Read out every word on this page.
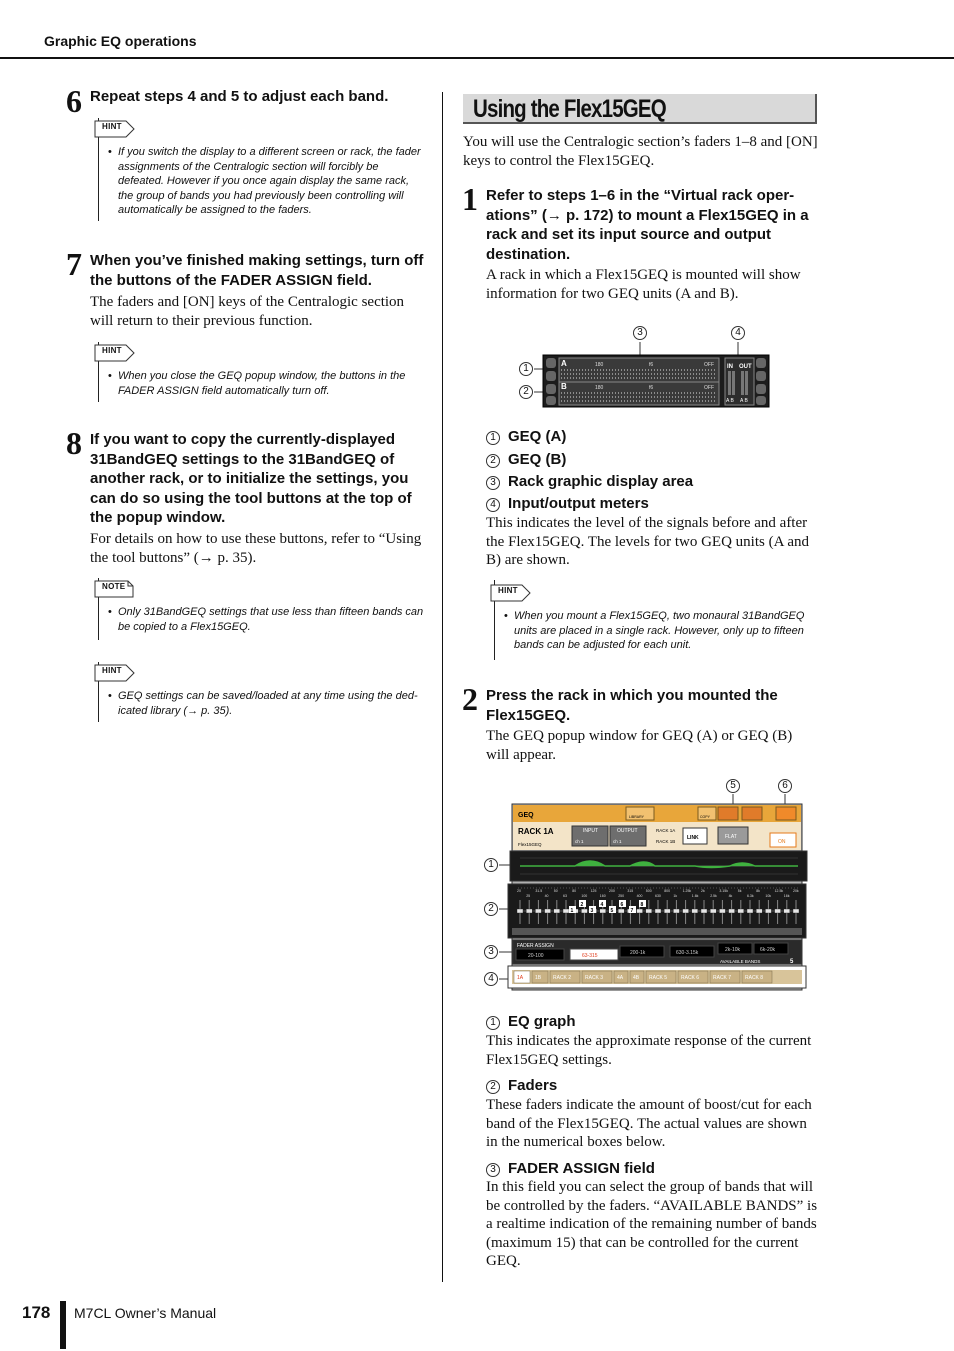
Graphic EQ operations
6 Repeat steps 4 and 5 to adjust each band.
HINT
• If you switch the display to a different screen or rack, the fader assignments of the Centralogic section will forcibly be defeated. However if you once again display the same rack, the group of bands you had previously been controlling will automatically be assigned to the faders.
7 When you’ve finished making settings, turn off the buttons of the FADER ASSIGN field.
The faders and [ON] keys of the Centralogic section will return to their previous function.
HINT
• When you close the GEQ popup window, the buttons in the FADER ASSIGN field automatically turn off.
8 If you want to copy the currently-displayed 31BandGEQ settings to the 31BandGEQ of another rack, or to initialize the settings, you can do so using the tool buttons at the top of the popup window.
For details on how to use these buttons, refer to “Using the tool buttons” (→ p. 35).
NOTE
• Only 31BandGEQ settings that use less than fifteen bands can be copied to a Flex15GEQ.
HINT
• GEQ settings can be saved/loaded at any time using the ded-icated library (→ p. 35).
Using the Flex15GEQ
You will use the Centralogic section’s faders 1–8 and [ON] keys to control the Flex15GEQ.
1 Refer to steps 1–6 in the “Virtual rack oper-ations” (→ p. 172) to mount a Flex15GEQ in a rack and set its input source and output destination.
A rack in which a Flex15GEQ is mounted will show information for two GEQ units (A and B).
3	4
1
2
A	180	f6	OFF
B	180	f6	OFF
IN OUT
A B A B
1 GEQ (A)
2 GEQ (B)
3 Rack graphic display area
4 Input/output meters
This indicates the level of the signals before and after the Flex15GEQ. The levels for two GEQ units (A and B) are shown.
HINT
• When you mount a Flex15GEQ, two monaural 31BandGEQ units are placed in a single rack. However, only up to fifteen bands can be adjusted for each unit.
2 Press the rack in which you mounted the Flex15GEQ.
The GEQ popup window for GEQ (A) or GEQ (B) will appear.
5	6
1
2
3
4
GEQ	LIBRARY	COPY
RACK 1A
Flex15GEQ
INPUT
ch 1
OUTPUT
ch 1
RACK 1A
RACK 1B
LINK	FLAT
ON
FADER ASSIGN
20-100	63-315	200-1k	630-3.15k	2k-10k	6k-20k
AVAILABLE BANDS	5
20
25
31.5
40
50
63
80
100
125
160
200
250
315
400
500
630
800
1k
1.25k
1.6k
2k
2.5k
3.15k
4k
5k
6.3k
8k
10k
12.5k
16k
20k
1
2
3
4
5
6
7
8
1A 1B RACK 2	RACK 3	4A 4B RACK 5	RACK 6	RACK 7	RACK 8
1 EQ graph
This indicates the approximate response of the current Flex15GEQ settings.
2 Faders
These faders indicate the amount of boost/cut for each band of the Flex15GEQ. The actual values are shown in the numerical boxes below.
3 FADER ASSIGN field
In this field you can select the group of bands that will be controlled by the faders. “AVAILABLE BANDS” is a realtime indication of the remaining number of bands (maximum 15) that can be controlled for the current GEQ.
178 M7CL Owner’s Manual
